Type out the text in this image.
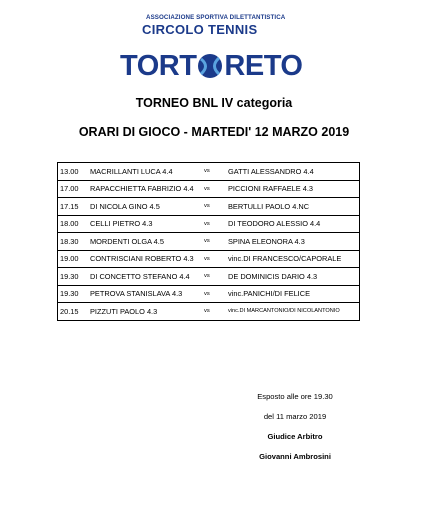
ASSOCIAZIONE SPORTIVA DILETTANTISTICA
CIRCOLO TENNIS
TORT RETO
TORNEO BNL IV categoria
ORARI DI GIOCO - MARTEDI' 12 MARZO 2019
13.00	MACRILLANTI LUCA 4.4	vs	GATTI ALESSANDRO 4.4
17.00	RAPACCHIETTA FABRIZIO 4.4	vs	PICCIONI RAFFAELE 4.3
17.15	DI NICOLA GINO 4.5	vs	BERTULLI PAOLO 4.NC
18.00	CELLI PIETRO 4.3	vs	DI TEODORO ALESSIO 4.4
18.30	MORDENTI OLGA 4.5	vs	SPINA ELEONORA 4.3
19.00	CONTRISCIANI ROBERTO 4.3	vs	vinc.DI FRANCESCO/CAPORALE
19.30	DI CONCETTO STEFANO 4.4	vs	DE DOMINICIS DARIO 4.3
19.30	PETROVA STANISLAVA 4.3	vs	vinc.PANICHI/DI FELICE
20.15	PIZZUTI PAOLO 4.3	vs	vinc.DI MARCANTONIO/DI NICOLANTONIO
Esposto alle ore 19.30
del 11 marzo 2019
Giudice Arbitro
Giovanni Ambrosini
